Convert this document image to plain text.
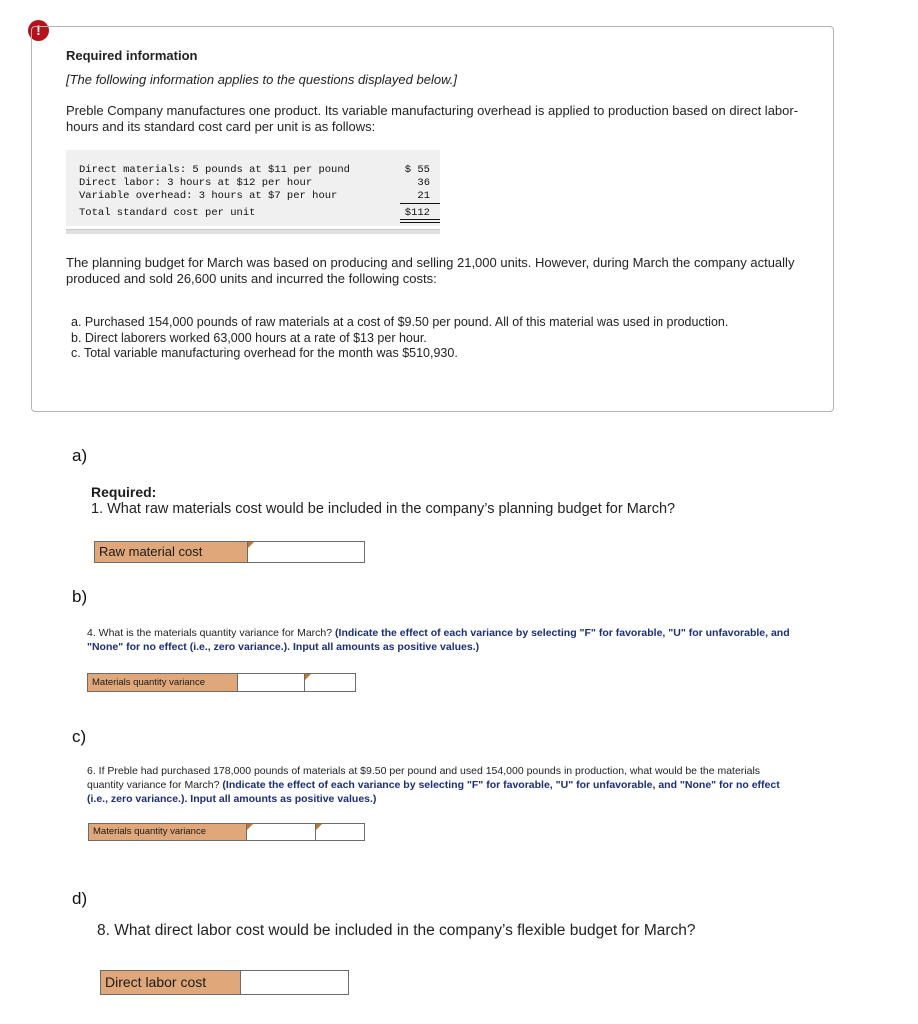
!
Required information
[The following information applies to the questions displayed below.]
Preble Company manufactures one product. Its variable manufacturing overhead is applied to production based on direct labor-hours and its standard cost card per unit is as follows:
Direct materials: 5 pounds at $11 per pound	$ 55
Direct labor: 3 hours at $12 per hour	36
Variable overhead: 3 hours at $7 per hour	21
Total standard cost per unit	$112
The planning budget for March was based on producing and selling 21,000 units. However, during March the company actually produced and sold 26,600 units and incurred the following costs:
a. Purchased 154,000 pounds of raw materials at a cost of $9.50 per pound. All of this material was used in production.
b. Direct laborers worked 63,000 hours at a rate of $13 per hour.
c. Total variable manufacturing overhead for the month was $510,930.
a)
Required:
1. What raw materials cost would be included in the company’s planning budget for March?
Raw material cost
b)
4. What is the materials quantity variance for March? (Indicate the effect of each variance by selecting "F" for favorable, "U" for unfavorable, and "None" for no effect (i.e., zero variance.). Input all amounts as positive values.)
Materials quantity variance
c)
6. If Preble had purchased 178,000 pounds of materials at $9.50 per pound and used 154,000 pounds in production, what would be the materials quantity variance for March? (Indicate the effect of each variance by selecting "F" for favorable, "U" for unfavorable, and "None" for no effect (i.e., zero variance.). Input all amounts as positive values.)
Materials quantity variance
d)
8. What direct labor cost would be included in the company’s flexible budget for March?
Direct labor cost
